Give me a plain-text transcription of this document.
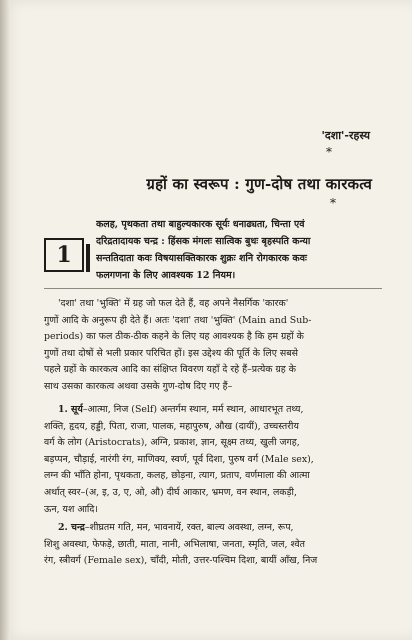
'दशा'-रहस्य
*
ग्रहों का स्वरूप : गुण-दोष तथा कारकत्व
*
1
कलह, पृथकता तथा बाहुल्यकारक सूर्यः धनाढ्यता, चिन्ता एवं
दरिद्रतादायक चन्द्र : हिंसक मंगलः सात्विक बुधः बृहस्पति कन्या
सन्ततिदाता कवः विषयासक्तिकारक शुक्रः शनि रोगकारक कवः
फलगणना के लिए आवश्यक 12 नियम।
'दशा' तथा 'भुक्ति' में ग्रह जो फल देते हैं, वह अपने नैसर्गिक 'कारक'
गुणों आदि के अनुरूप ही देते हैं। अतः 'दशा' तथा 'भुक्ति' (Main and Sub-
periods) का फल ठीक-ठीक कहने के लिए यह आवश्यक है कि हम ग्रहों के
गुणों तथा दोषों से भली प्रकार परिचित हों। इस उद्देश्य की पूर्ति के लिए सबसे
पहले ग्रहों के कारकत्व आदि का संक्षिप्त विवरण यहाँ दे रहे हैं–प्रत्येक ग्रह के
साथ उसका कारकत्व अथवा उसके गुण-दोष दिए गए हैं–
1. सूर्य–आत्मा, निज (Self) अन्तर्गम स्थान, मर्म स्थान, आधारभूत तथ्य,
शक्ति, हृदय, हड्डी, पिता, राजा, पालक, महापुरुष, औख (दायीं), उच्चस्तरीय
वर्ग के लोग (Aristocrats), अग्नि, प्रकाश, ज्ञान, सूक्ष्म तथ्य, खुली जगह,
बड़प्पन, चौड़ाई, नारंगी रंग, माणिक्य, स्वर्ण, पूर्व दिशा, पुरुष वर्ग (Male sex),
लग्न की भाँति होना, पृथकता, कलह, छोड़ना, त्याग, प्रताप, वर्णमाला की आत्मा
अर्थात् स्वर–(अ, इ, उ, ए, ओ, औ) दीर्घ आकार, भ्रमण, वन स्थान, लकड़ी,
ऊन, यश आदि।
2. चन्द्र–शीघ्रतम गति, मन, भावनायें, रक्त, बाल्य अवस्था, लग्न, रूप,
शिशु अवस्था, फेफड़े, छाती, माता, नानी, अभिलाषा, जनता, स्मृति, जल, श्वेत
रंग, स्त्रीवर्ग (Female sex), चाँदी, मोती, उत्तर-पश्चिम दिशा, बायीं आँख, निज
